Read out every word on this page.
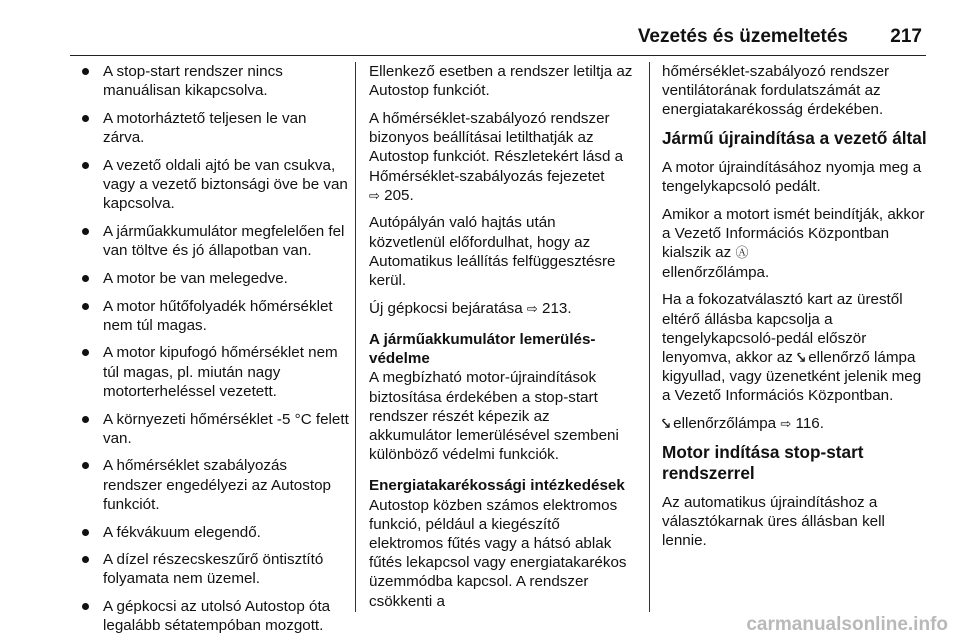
Vezetés és üzemeltetés 217
A stop-start rendszer nincs manuálisan kikapcsolva.
A motorháztető teljesen le van zárva.
A vezető oldali ajtó be van csukva, vagy a vezető biztonsági öve be van kapcsolva.
A járműakkumulátor megfelelően fel van töltve és jó állapotban van.
A motor be van melegedve.
A motor hűtőfolyadék hőmérséklet nem túl magas.
A motor kipufogó hőmérséklet nem túl magas, pl. miután nagy motorterheléssel vezetett.
A környezeti hőmérséklet -5 °C felett van.
A hőmérséklet szabályozás rendszer engedélyezi az Autostop funkciót.
A fékvákuum elegendő.
A dízel részecskeszűrő öntisztító folyamata nem üzemel.
A gépkocsi az utolsó Autostop óta legalább sétatempóban mozgott.

Ellenkező esetben a rendszer letiltja az Autostop funkciót.

A hőmérséklet-szabályozó rendszer bizonyos beállításai letilthatják az Autostop funkciót. Részletekért lásd a Hőmérséklet-szabályozás fejezetet
⇨ 205.

Autópályán való hajtás után közvetlenül előfordulhat, hogy az Automatikus leállítás felfüggesztésre kerül.

Új gépkocsi bejáratása ⇨ 213.

A járműakkumulátor lemerülés-védelme

A megbízható motor-újraindítások biztosítása érdekében a stop-start rendszer részét képezik az akkumulátor lemerülésével szembeni különböző védelmi funkciók.

Energiatakarékossági intézkedések

Autostop közben számos elektromos funkció, például a kiegészítő elektromos fűtés vagy a hátsó ablak fűtés lekapcsol vagy energiatakarékos üzemmódba kapcsol. A rendszer csökkenti a

hőmérséklet-szabályozó rendszer ventilátorának fordulatszámát az energiatakarékosság érdekében.

Jármű újraindítása a vezető által

A motor újraindításához nyomja meg a tengelykapcsoló pedált.

Amikor a motort ismét beindítják, akkor a Vezető Információs Központban kialszik az Ⓐ
ellenőrzőlámpa.

Ha a fokozatválasztó kart az ürestől eltérő állásba kapcsolja a tengelykapcsoló-pedál először lenyomva, akkor az ⤥ ellenőrző lámpa kigyullad, vagy üzenetként jelenik meg a Vezető Információs Központban.

⤥ ellenőrzőlámpa ⇨ 116.

Motor indítása stop-start rendszerrel

Az automatikus újraindításhoz a választókarnak üres állásban kell lennie.

carmanualsonline.info
